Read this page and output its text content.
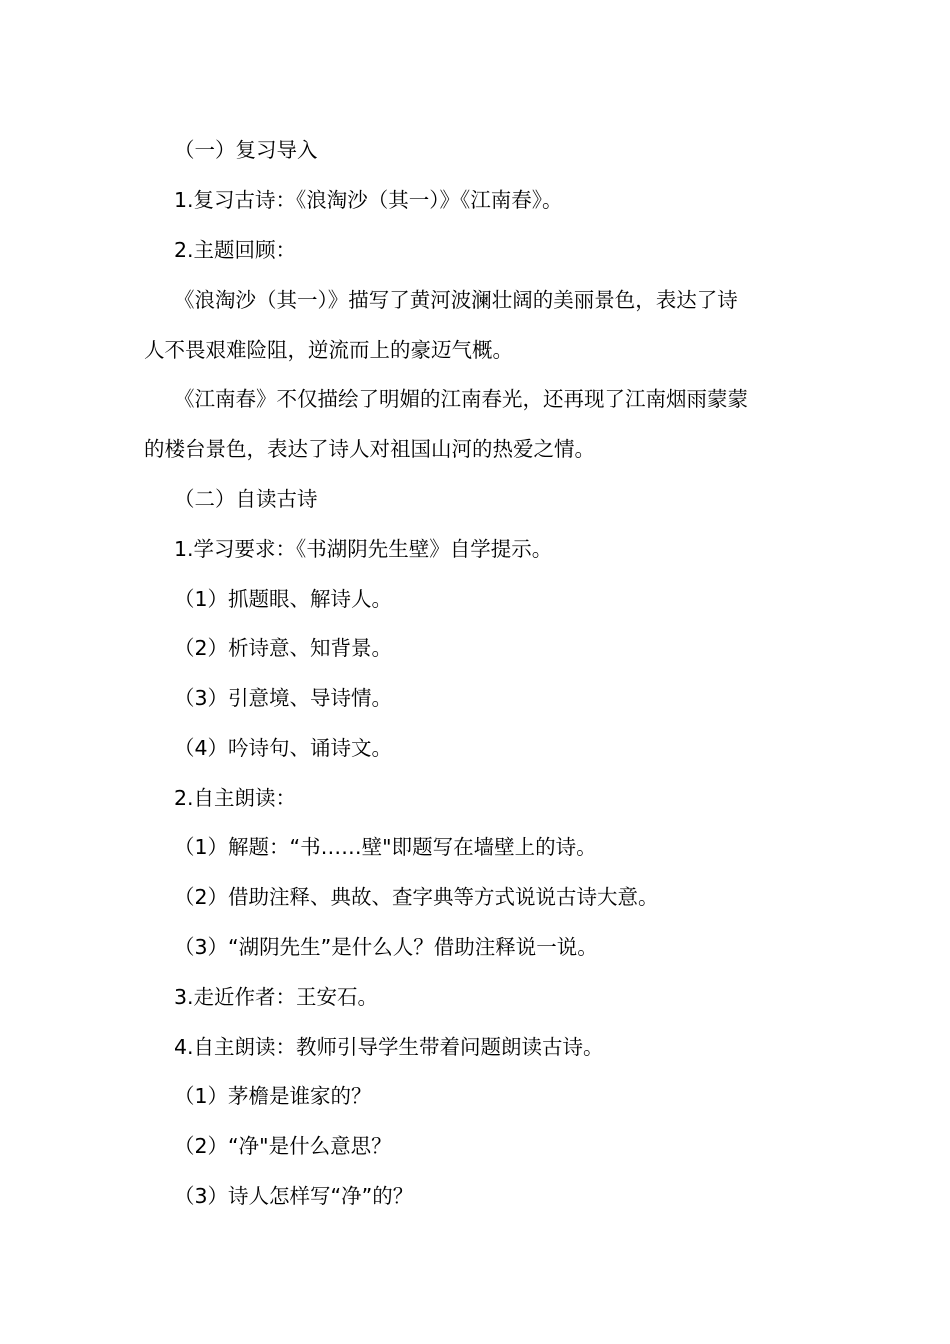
（一）复习导入
1.复习古诗：《浪淘沙（其一）》《江南春》。
2.主题回顾：
《浪淘沙（其一）》描写了黄河波澜壮阔的美丽景色，表达了诗
人不畏艰难险阻，逆流而上的豪迈气概。
《江南春》不仅描绘了明媚的江南春光，还再现了江南烟雨蒙蒙
的楼台景色，表达了诗人对祖国山河的热爱之情。
（二）自读古诗
1.学习要求：《书湖阴先生壁》自学提示。
（1）抓题眼、解诗人。
（2）析诗意、知背景。
（3）引意境、导诗情。
（4）吟诗句、诵诗文。
2.自主朗读：
（1）解题：“书……壁"即题写在墙壁上的诗。
（2）借助注释、典故、查字典等方式说说古诗大意。
（3）“湖阴先生”是什么人？借助注释说一说。
3.走近作者：王安石。
4.自主朗读：教师引导学生带着问题朗读古诗。
（1）茅檐是谁家的？
（2）“净"是什么意思？
（3）诗人怎样写“净”的？
